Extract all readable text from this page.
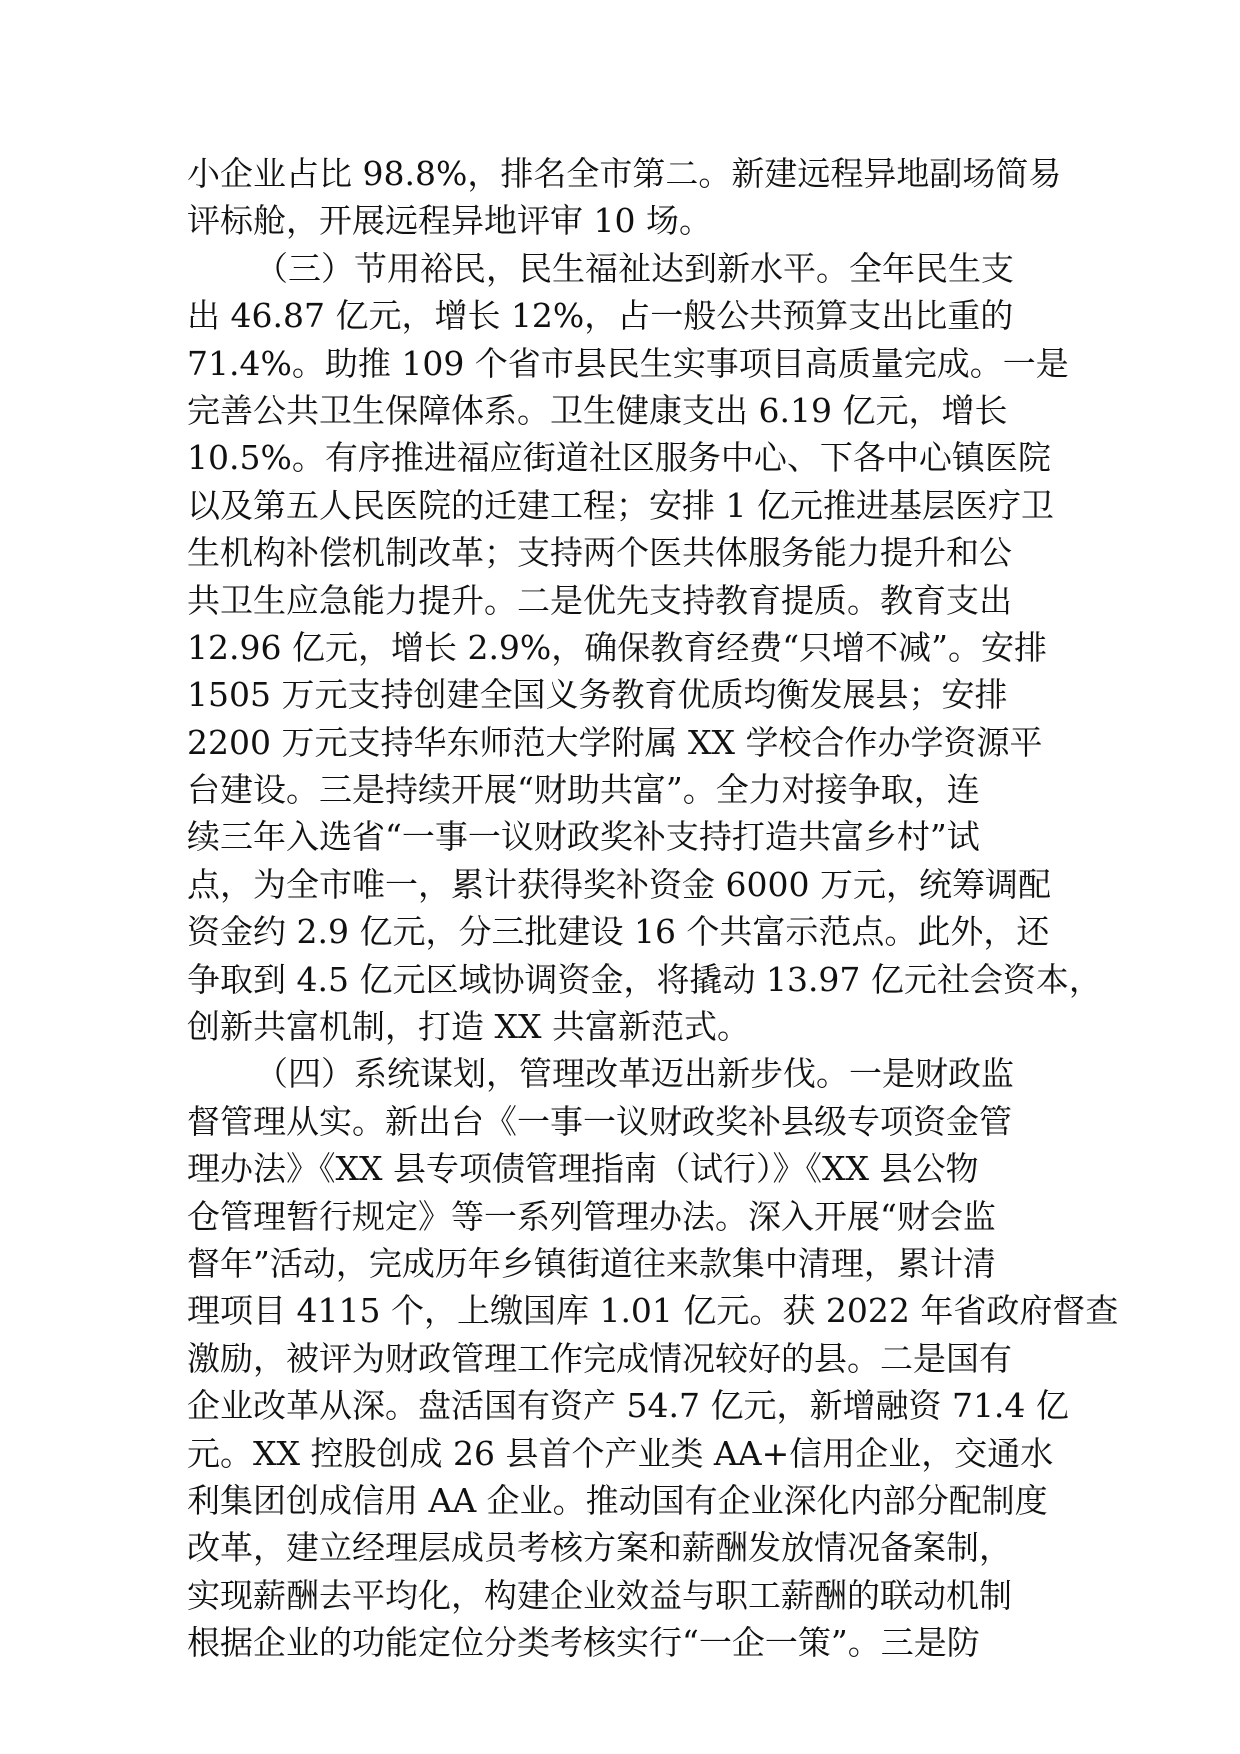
小企业占比 98.8%，排名全市第二。新建远程异地副场简易
评标舱，开展远程异地评审 10 场。
（三）节用裕民，民生福祉达到新水平。全年民生支
出 46.87 亿元，增长 12%，占一般公共预算支出比重的
71.4%。助推 109 个省市县民生实事项目高质量完成。一是
完善公共卫生保障体系。卫生健康支出 6.19 亿元，增长
10.5%。有序推进福应街道社区服务中心、下各中心镇医院
以及第五人民医院的迁建工程；安排 1 亿元推进基层医疗卫
生机构补偿机制改革；支持两个医共体服务能力提升和公
共卫生应急能力提升。二是优先支持教育提质。教育支出
12.96 亿元，增长 2.9%，确保教育经费“只增不减”。安排
1505 万元支持创建全国义务教育优质均衡发展县；安排
2200 万元支持华东师范大学附属 XX 学校合作办学资源平
台建设。三是持续开展“财助共富”。全力对接争取，连
续三年入选省“一事一议财政奖补支持打造共富乡村”试
点，为全市唯一，累计获得奖补资金 6000 万元，统筹调配
资金约 2.9 亿元，分三批建设 16 个共富示范点。此外，还
争取到 4.5 亿元区域协调资金，将撬动 13.97 亿元社会资本，
创新共富机制，打造 XX 共富新范式。
（四）系统谋划，管理改革迈出新步伐。一是财政监
督管理从实。新出台《一事一议财政奖补县级专项资金管
理办法》《XX 县专项债管理指南（试行）》《XX 县公物
仓管理暂行规定》等一系列管理办法。深入开展“财会监
督年”活动，完成历年乡镇街道往来款集中清理，累计清
理项目 4115 个，上缴国库 1.01 亿元。获 2022 年省政府督查
激励，被评为财政管理工作完成情况较好的县。二是国有
企业改革从深。盘活国有资产 54.7 亿元，新增融资 71.4 亿
元。XX 控股创成 26 县首个产业类 AA+信用企业，交通水
利集团创成信用 AA 企业。推动国有企业深化内部分配制度
改革，建立经理层成员考核方案和薪酬发放情况备案制，
实现薪酬去平均化，构建企业效益与职工薪酬的联动机制
根据企业的功能定位分类考核实行“一企一策”。三是防
